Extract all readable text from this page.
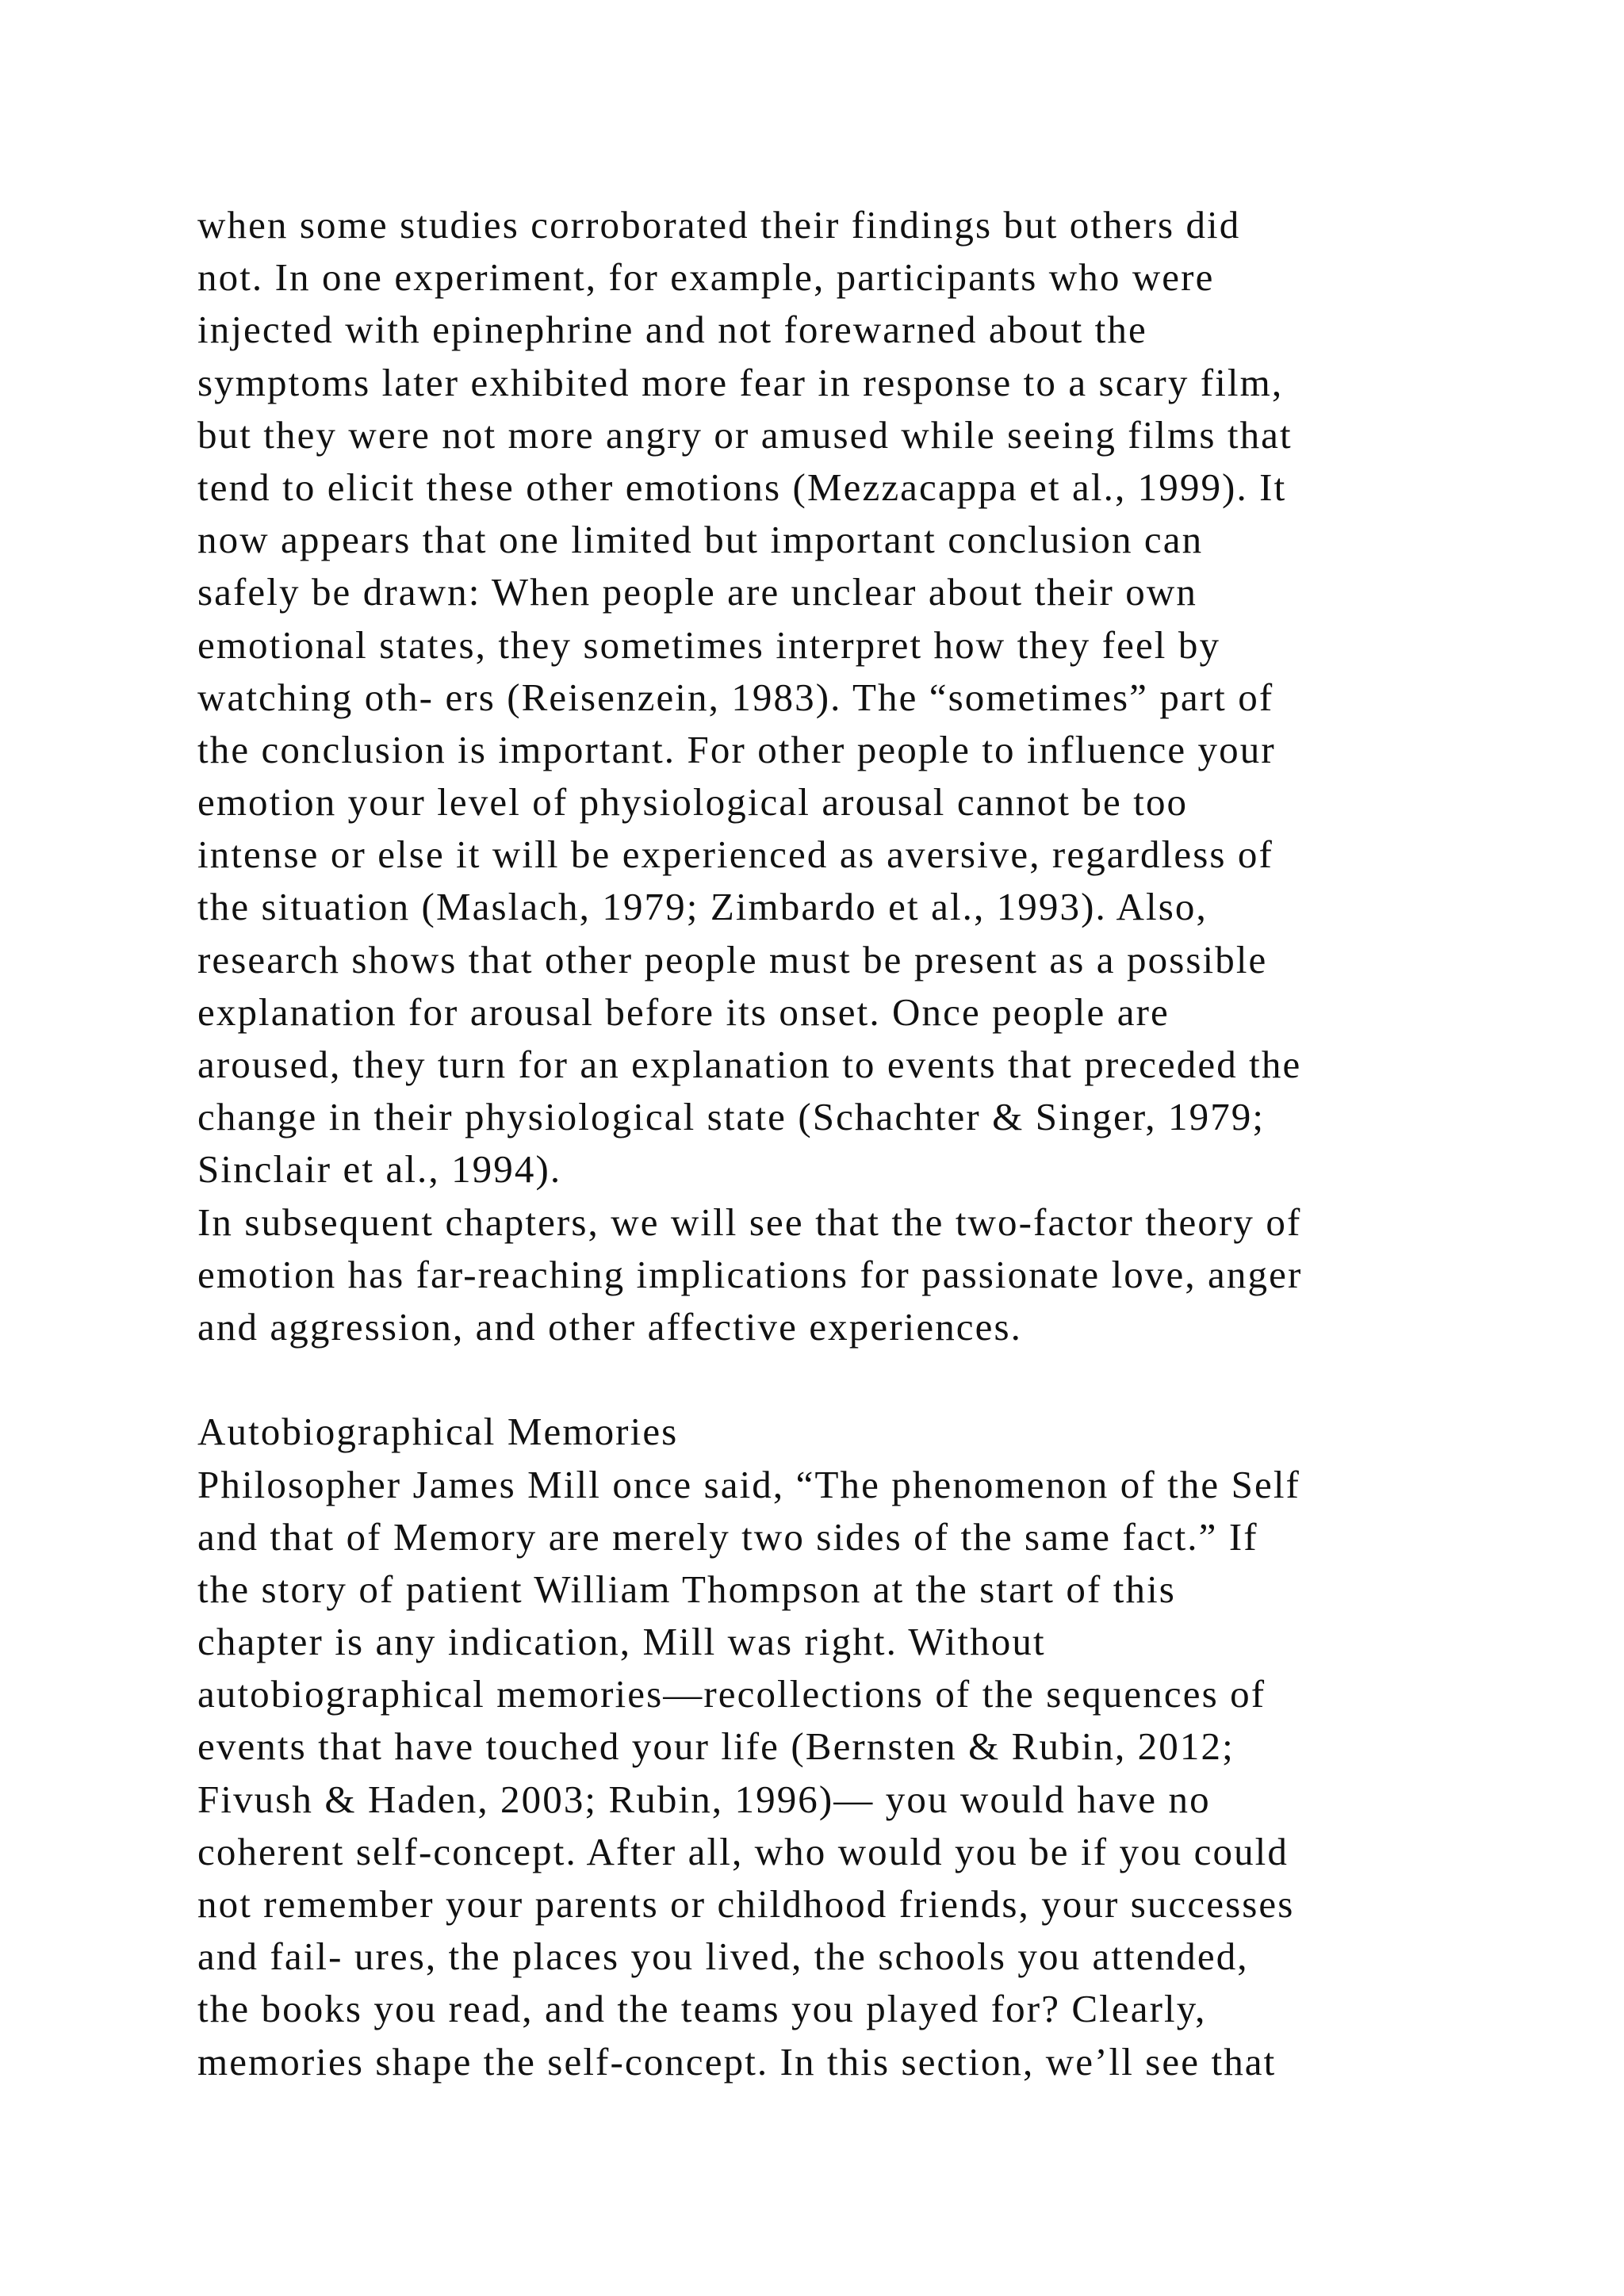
when some studies corroborated their findings but others did
not. In one experiment, for example, participants who were
injected with epinephrine and not forewarned about the
symptoms later exhibited more fear in response to a scary film,
but they were not more angry or amused while seeing films that
tend to elicit these other emotions (Mezzacappa et al., 1999). It
now appears that one limited but important conclusion can
safely be drawn: When people are unclear about their own
emotional states, they sometimes interpret how they feel by
watching oth- ers (Reisenzein, 1983). The “sometimes” part of
the conclusion is important. For other people to influence your
emotion your level of physiological arousal cannot be too
intense or else it will be experienced as aversive, regardless of
the situation (Maslach, 1979; Zimbardo et al., 1993). Also,
research shows that other people must be present as a possible
explanation for arousal before its onset. Once people are
aroused, they turn for an explanation to events that preceded the
change in their physiological state (Schachter & Singer, 1979;
Sinclair et al., 1994).
In subsequent chapters, we will see that the two-factor theory of
emotion has far-reaching implications for passionate love, anger
and aggression, and other affective experiences.
Autobiographical Memories
Philosopher James Mill once said, “The phenomenon of the Self
and that of Memory are merely two sides of the same fact.” If
the story of patient William Thompson at the start of this
chapter is any indication, Mill was right. Without
autobiographical memories—recollections of the sequences of
events that have touched your life (Bernsten & Rubin, 2012;
Fivush & Haden, 2003; Rubin, 1996)— you would have no
coherent self-concept. After all, who would you be if you could
not remember your parents or childhood friends, your successes
and fail- ures, the places you lived, the schools you attended,
the books you read, and the teams you played for? Clearly,
memories shape the self-concept. In this section, we’ll see that
